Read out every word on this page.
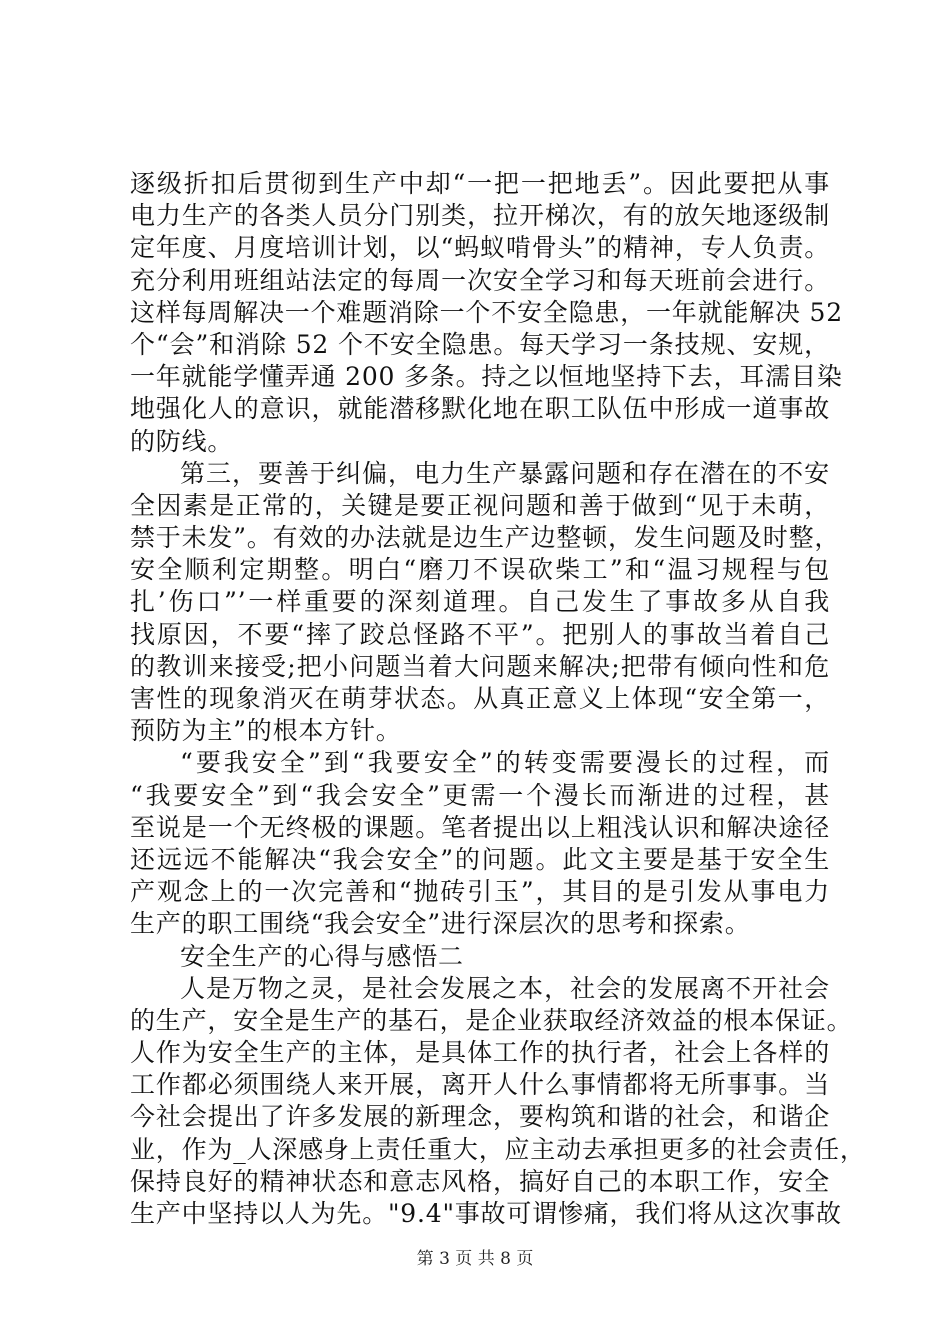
逐级折扣后贯彻到生产中却“一把一把地丢”。因此要把从事
电力生产的各类人员分门别类，拉开梯次，有的放矢地逐级制
定年度、月度培训计划，以“蚂蚁啃骨头”的精神，专人负责。
充分利用班组站法定的每周一次安全学习和每天班前会进行。
这样每周解决一个难题消除一个不安全隐患，一年就能解决 52
个“会”和消除 52 个不安全隐患。每天学习一条技规、安规，
一年就能学懂弄通 200 多条。持之以恒地坚持下去，耳濡目染
地强化人的意识，就能潜移默化地在职工队伍中形成一道事故
的防线。
第三，要善于纠偏，电力生产暴露问题和存在潜在的不安
全因素是正常的，关键是要正视问题和善于做到“见于未萌，
禁于未发”。有效的办法就是边生产边整顿，发生问题及时整，
安全顺利定期整。明白“磨刀不误砍柴工”和“温习规程与包
扎’伤口”’一样重要的深刻道理。自己发生了事故多从自我
找原因，不要“摔了跤总怪路不平”。把别人的事故当着自己
的教训来接受;把小问题当着大问题来解决;把带有倾向性和危
害性的现象消灭在萌芽状态。从真正意义上体现“安全第一，
预防为主”的根本方针。
“要我安全”到“我要安全”的转变需要漫长的过程，而
“我要安全”到“我会安全”更需一个漫长而渐进的过程，甚
至说是一个无终极的课题。笔者提出以上粗浅认识和解决途径
还远远不能解决“我会安全”的问题。此文主要是基于安全生
产观念上的一次完善和“抛砖引玉”，其目的是引发从事电力
生产的职工围绕“我会安全”进行深层次的思考和探索。
安全生产的心得与感悟二
人是万物之灵，是社会发展之本，社会的发展离不开社会
的生产，安全是生产的基石，是企业获取经济效益的根本保证。
人作为安全生产的主体，是具体工作的执行者，社会上各样的
工作都必须围绕人来开展，离开人什么事情都将无所事事。当
今社会提出了许多发展的新理念，要构筑和谐的社会，和谐企
业，作为_人深感身上责任重大，应主动去承担更多的社会责任，
保持良好的精神状态和意志风格，搞好自己的本职工作，安全
生产中坚持以人为先。"9.4"事故可谓惨痛，我们将从这次事故
第 3 页 共 8 页
